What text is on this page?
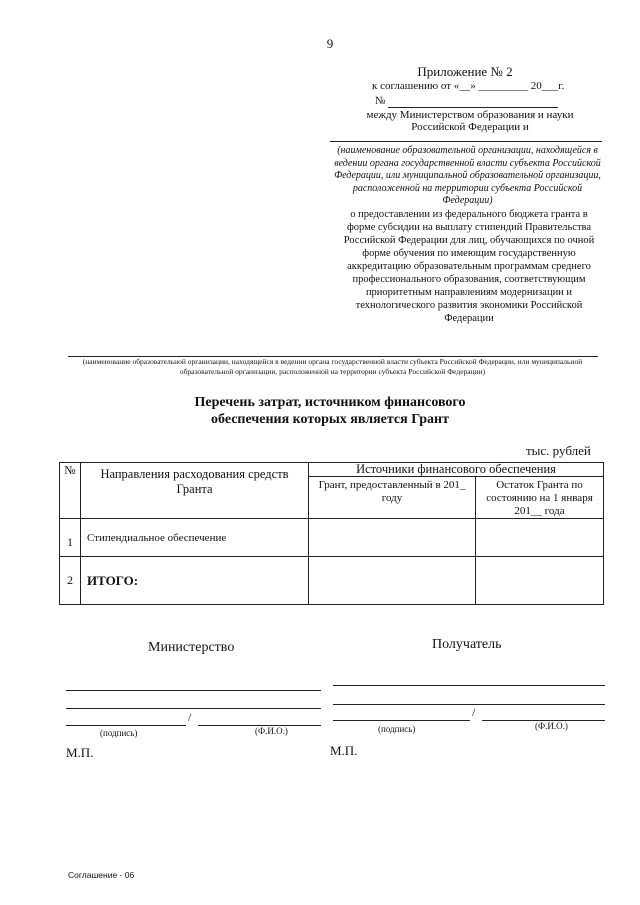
9
Приложение № 2
к соглашению от «__» _________ 20___г.
№
между Министерством образования и науки
Российской Федерации и
(наименование образовательной организации, находящейся в ведении органа государственной власти субъекта Российской Федерации, или муниципальной образовательной организации, расположенной на территории субъекта Российской Федерации)
о предоставлении из федерального бюджета гранта в форме субсидии на выплату стипендий Правительства Российской Федерации для лиц, обучающихся по очной форме обучения по имеющим государственную аккредитацию образовательным программам среднего профессионального образования, соответствующим приоритетным направлениям модернизации и технологического развития экономики Российской Федерации
(наименование образовательной организации, находящейся в ведении органа государственной власти субъекта Российской Федерации, или муниципальной образовательной организации, расположенной на территории субъекта Российской Федерации)
Перечень затрат, источником финансового
обеспечения которых является Грант
тыс. рублей
№	Направления расходования средств Гранта	Источники финансового обеспечения	
		Грант, предоставленный в 201_ году	Остаток Гранта по состоянию на 1 января 201__ года
1	Стипендиальное обеспечение		
2	ИТОГО:		
Министерство
/
(подпись)	(Ф.И.О.)
М.П.
Получатель
/
(подпись)	(Ф.И.О.)
М.П.
Соглашение - 06
